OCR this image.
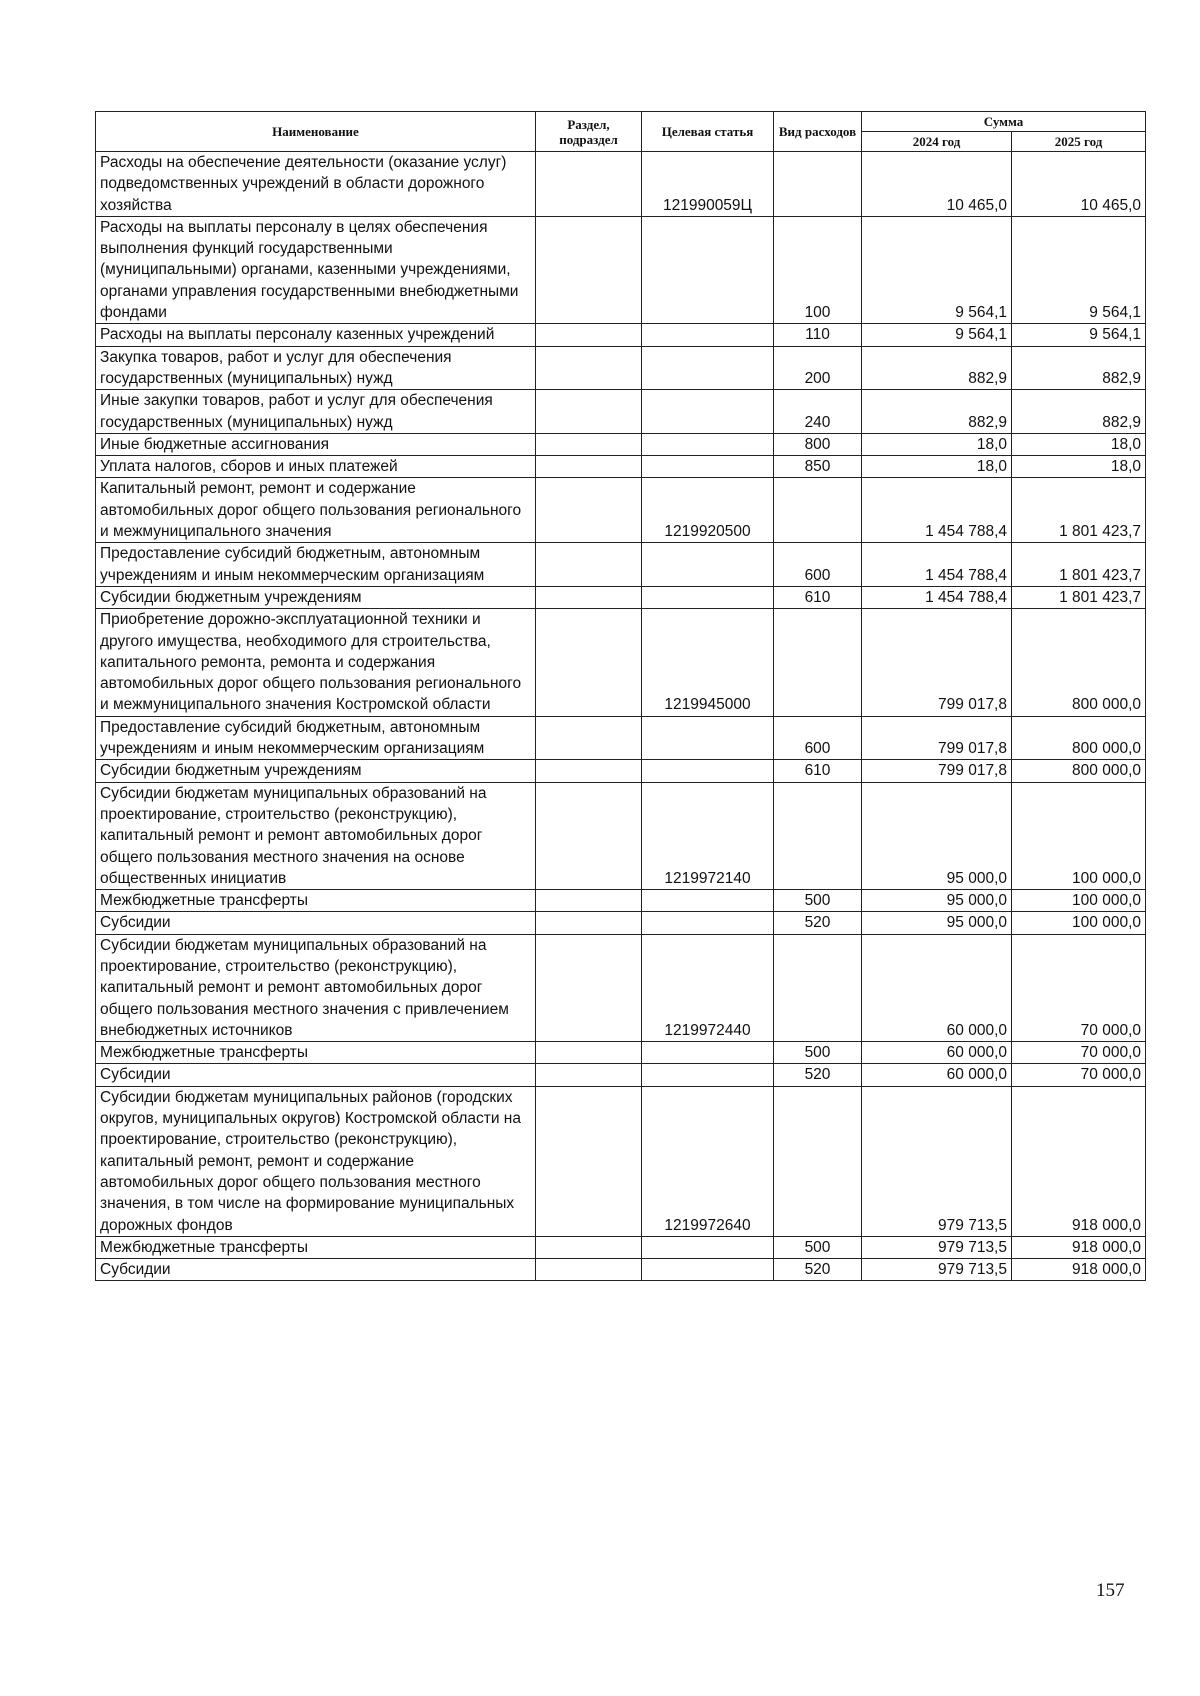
Наименование	Раздел, подраздел	Целевая статья	Вид расходов	Сумма	
				2024 год	2025 год
Расходы на обеспечение деятельности (оказание услуг) подведомственных учреждений в области дорожного хозяйства		121990059Ц		10 465,0	10 465,0
Расходы на выплаты персоналу в целях обеспечения выполнения функций государственными (муниципальными) органами, казенными учреждениями, органами управления государственными внебюджетными фондами			100	9 564,1	9 564,1
Расходы на выплаты персоналу казенных учреждений			110	9 564,1	9 564,1
Закупка товаров, работ и услуг для обеспечения государственных (муниципальных) нужд			200	882,9	882,9
Иные закупки товаров, работ и услуг для обеспечения государственных (муниципальных) нужд			240	882,9	882,9
Иные бюджетные ассигнования			800	18,0	18,0
Уплата налогов, сборов и иных платежей			850	18,0	18,0
Капитальный ремонт, ремонт и содержание автомобильных дорог общего пользования регионального и межмуниципального значения		1219920500		1 454 788,4	1 801 423,7
Предоставление субсидий бюджетным, автономным учреждениям и иным некоммерческим организациям			600	1 454 788,4	1 801 423,7
Субсидии бюджетным учреждениям			610	1 454 788,4	1 801 423,7
Приобретение дорожно-эксплуатационной техники и другого имущества, необходимого для строительства, капитального ремонта, ремонта и содержания автомобильных дорог общего пользования регионального и межмуниципального значения Костромской области		1219945000		799 017,8	800 000,0
Предоставление субсидий бюджетным, автономным учреждениям и иным некоммерческим организациям			600	799 017,8	800 000,0
Субсидии бюджетным учреждениям			610	799 017,8	800 000,0
Субсидии бюджетам муниципальных образований на проектирование, строительство (реконструкцию), капитальный ремонт и ремонт автомобильных дорог общего пользования местного значения на основе общественных инициатив		1219972140		95 000,0	100 000,0
Межбюджетные трансферты			500	95 000,0	100 000,0
Субсидии			520	95 000,0	100 000,0
Субсидии бюджетам муниципальных образований на проектирование, строительство (реконструкцию), капитальный ремонт и ремонт автомобильных дорог общего пользования местного значения с привлечением внебюджетных источников		1219972440		60 000,0	70 000,0
Межбюджетные трансферты			500	60 000,0	70 000,0
Субсидии			520	60 000,0	70 000,0
Субсидии бюджетам муниципальных районов (городских округов, муниципальных округов) Костромской области на проектирование, строительство (реконструкцию), капитальный ремонт, ремонт и содержание автомобильных дорог общего пользования местного значения, в том числе на формирование муниципальных дорожных фондов		1219972640		979 713,5	918 000,0
Межбюджетные трансферты			500	979 713,5	918 000,0
Субсидии			520	979 713,5	918 000,0
157
